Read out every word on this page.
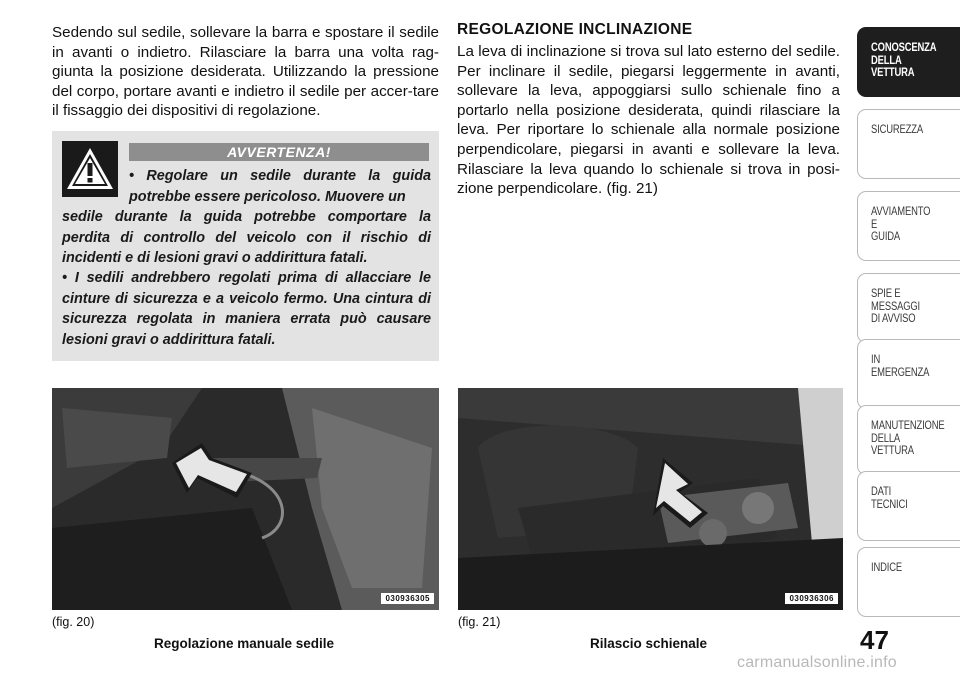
Sedendo sul sedile, sollevare la barra e spostare il sedile in avanti o indietro. Rilasciare la barra una volta rag-giunta la posizione desiderata. Utilizzando la pressione del corpo, portare avanti e indietro il sedile per accer-tare il fissaggio dei dispositivi di regolazione.

AVVERTENZA!

• Regolare un sedile durante la guida potrebbe essere pericoloso. Muovere un

sedile durante la guida potrebbe comportare la perdita di controllo del veicolo con il rischio di incidenti e di lesioni gravi o addirittura fatali.

• I sedili andrebbero regolati prima di allacciare le cinture di sicurezza e a veicolo fermo. Una cintura di sicurezza regolata in maniera errata può causare lesioni gravi o addirittura fatali.

REGOLAZIONE INCLINAZIONE

La leva di inclinazione si trova sul lato esterno del sedile. Per inclinare il sedile, piegarsi leggermente in avanti, sollevare la leva, appoggiarsi sullo schienale fino a portarlo nella posizione desiderata, quindi rilasciare la leva. Per riportare lo schienale alla normale posizione perpendicolare, piegarsi in avanti e sollevare la leva. Rilasciare la leva quando lo schienale si trova in posi-zione perpendicolare. (fig. 21)

030936305	030936306
(fig. 20)
Regolazione manuale sedile
(fig. 21)
Rilascio schienale
CONOSCENZA
DELLA
VETTURA
SICUREZZA
AVVIAMENTO
E
GUIDA
SPIE E
MESSAGGI
DI AVVISO
IN
EMERGENZA
MANUTENZIONE
DELLA
VETTURA
DATI
TECNICI
INDICE
47
carmanualsonline.info
